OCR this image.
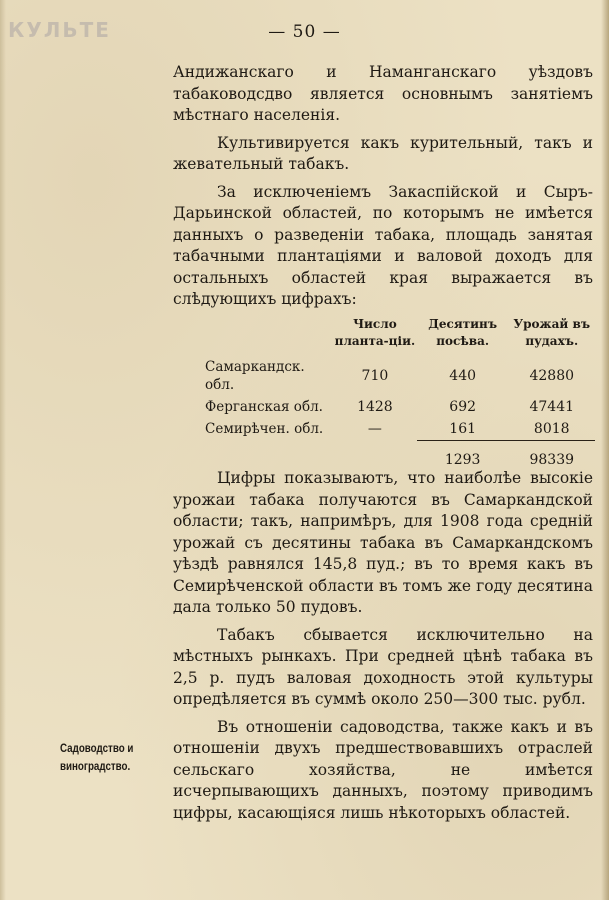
КУЛЬТЕ	— 50 —

Андижанскаго и Наманганскаго уѣздовъ табаководсдво является основнымъ занятіемъ мѣстнаго населенія.

Культивируется какъ курительный, такъ и жевательный табакъ.

За исключеніемъ Закаспійской и Сыръ-Дарьинской областей, по которымъ не имѣется данныхъ о разведеніи табака, площадь занятая табачными плантаціями и валовой доходъ для остальныхъ областей края выражается въ слѣдующихъ цифрахъ:

	Число планта-ціи.	Десятинъ посѣва.	Урожай въ пудахъ.
Самаркандск. обл.	710	440	42880
Ферганская обл.	1428	692	47441
Семирѣчен. обл.	—	161	8018
		1293	98339

Цифры показываютъ, что наиболѣе высокіе урожаи табака получаются въ Самаркандской области; такъ, напримѣръ, для 1908 года средній урожай съ десятины табака въ Самаркандскомъ уѣздѣ равнялся 145,8 пуд.; въ то время какъ въ Семирѣченской области въ томъ же году десятина дала только 50 пудовъ.

Табакъ сбывается исключительно на мѣстныхъ рынкахъ. При средней цѣнѣ табака въ 2,5 р. пудъ валовая доходность этой культуры опредѣляется въ суммѣ около 250—300 тыс. рубл.

Въ отношеніи садоводства, также какъ и въ отношеніи двухъ предшествовавшихъ отраслей сельскаго хозяйства, не имѣется исчерпывающихъ данныхъ, поэтому приводимъ цифры, касающіяся лишь нѣкоторыхъ областей.

Садоводство и виноградство.
